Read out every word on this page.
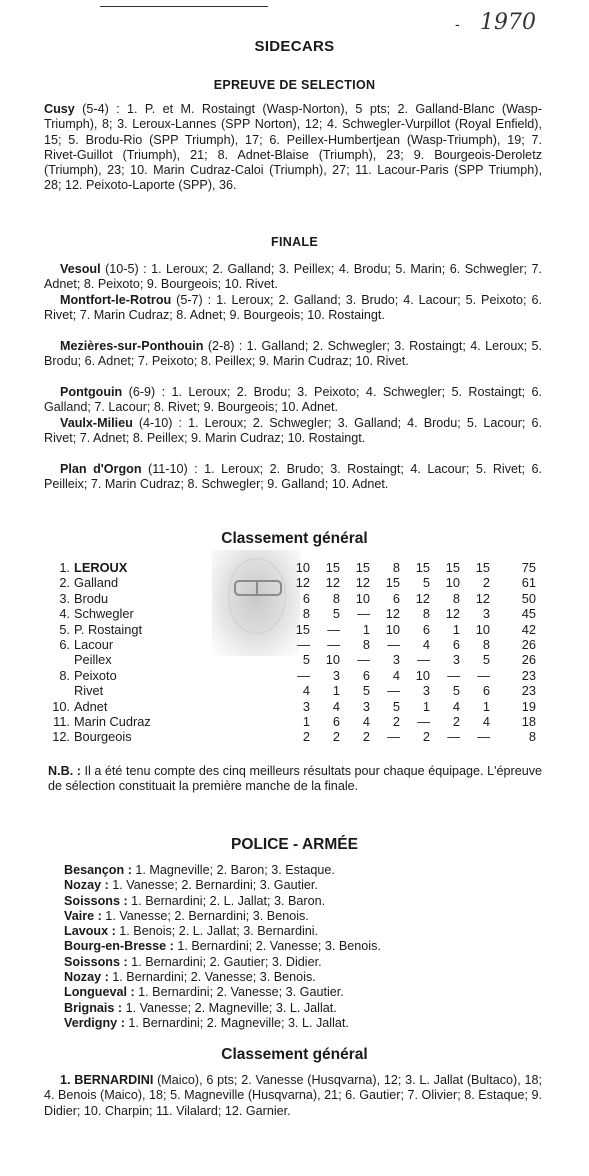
- 1970
SIDECARS
EPREUVE DE SELECTION
Cusy (5-4) : 1. P. et M. Rostaingt (Wasp-Norton), 5 pts; 2. Galland-Blanc (Wasp-Triumph), 8; 3. Leroux-Lannes (SPP Norton), 12; 4. Schwegler-Vurpillot (Royal Enfield), 15; 5. Brodu-Rio (SPP Triumph), 17; 6. Peillex-Humbertjean (Wasp-Triumph), 19; 7. Rivet-Guillot (Triumph), 21; 8. Adnet-Blaise (Triumph), 23; 9. Bourgeois-Deroletz (Triumph), 23; 10. Marin Cudraz-Caloi (Triumph), 27; 11. Lacour-Paris (SPP Triumph), 28; 12. Peixoto-Laporte (SPP), 36.
FINALE
Vesoul (10-5) : 1. Leroux; 2. Galland; 3. Peillex; 4. Brodu; 5. Marin; 6. Schwegler; 7. Adnet; 8. Peixoto; 9. Bourgeois; 10. Rivet.
Montfort-le-Rotrou (5-7) : 1. Leroux; 2. Galland; 3. Brudo; 4. Lacour; 5. Peixoto; 6. Rivet; 7. Marin Cudraz; 8. Adnet; 9. Bourgeois; 10. Rostaingt.
Mezières-sur-Ponthouin (2-8) : 1. Galland; 2. Schwegler; 3. Rostaingt; 4. Leroux; 5. Brodu; 6. Adnet; 7. Peixoto; 8. Peillex; 9. Marin Cudraz; 10. Rivet.
Pontgouin (6-9) : 1. Leroux; 2. Brodu; 3. Peixoto; 4. Schwegler; 5. Rostaingt; 6. Galland; 7. Lacour; 8. Rivet; 9. Bourgeois; 10. Adnet.
Vaulx-Milieu (4-10) : 1. Leroux; 2. Schwegler; 3. Galland; 4. Brodu; 5. Lacour; 6. Rivet; 7. Adnet; 8. Peillex; 9. Marin Cudraz; 10. Rostaingt.
Plan d'Orgon (11-10) : 1. Leroux; 2. Brudo; 3. Rostaingt; 4. Lacour; 5. Rivet; 6. Peilleix; 7. Marin Cudraz; 8. Schwegler; 9. Galland; 10. Adnet.
Classement général
1.	LEROUX	10	15	15	8	15	15	15	75
2.	Galland	12	12	12	15	5	10	2	61
3.	Brodu	6	8	10	6	12	8	12	50
4.	Schwegler	8	5	—	12	8	12	3	45
5.	P. Rostaingt	15	—	1	10	6	1	10	42
6.	Lacour	—	—	8	—	4	6	8	26
	Peillex	5	10	—	3	—	3	5	26
8.	Peixoto	—	3	6	4	10	—	—	23
	Rivet	4	1	5	—	3	5	6	23
10.	Adnet	3	4	3	5	1	4	1	19
11.	Marin Cudraz	1	6	4	2	—	2	4	18
12.	Bourgeois	2	2	2	—	2	—	—	8
N.B. : Il a été tenu compte des cinq meilleurs résultats pour chaque équipage. L'épreuve de sélection constituait la première manche de la finale.
POLICE - ARMÉE
Besançon : 1. Magneville; 2. Baron; 3. Estaque.
Nozay : 1. Vanesse; 2. Bernardini; 3. Gautier.
Soissons : 1. Bernardini; 2. L. Jallat; 3. Baron.
Vaire : 1. Vanesse; 2. Bernardini; 3. Benois.
Lavoux : 1. Benois; 2. L. Jallat; 3. Bernardini.
Bourg-en-Bresse : 1. Bernardini; 2. Vanesse; 3. Benois.
Soissons : 1. Bernardini; 2. Gautier; 3. Didier.
Nozay : 1. Bernardini; 2. Vanesse; 3. Benois.
Longueval : 1. Bernardini; 2. Vanesse; 3. Gautier.
Brignais : 1. Vanesse; 2. Magneville; 3. L. Jallat.
Verdigny : 1. Bernardini; 2. Magneville; 3. L. Jallat.
Classement général
1. BERNARDINI (Maico), 6 pts; 2. Vanesse (Husqvarna), 12; 3. L. Jallat (Bultaco), 18; 4. Benois (Maico), 18; 5. Magneville (Husqvarna), 21; 6. Gautier; 7. Olivier; 8. Estaque; 9. Didier; 10. Charpin; 11. Vilalard; 12. Garnier.
